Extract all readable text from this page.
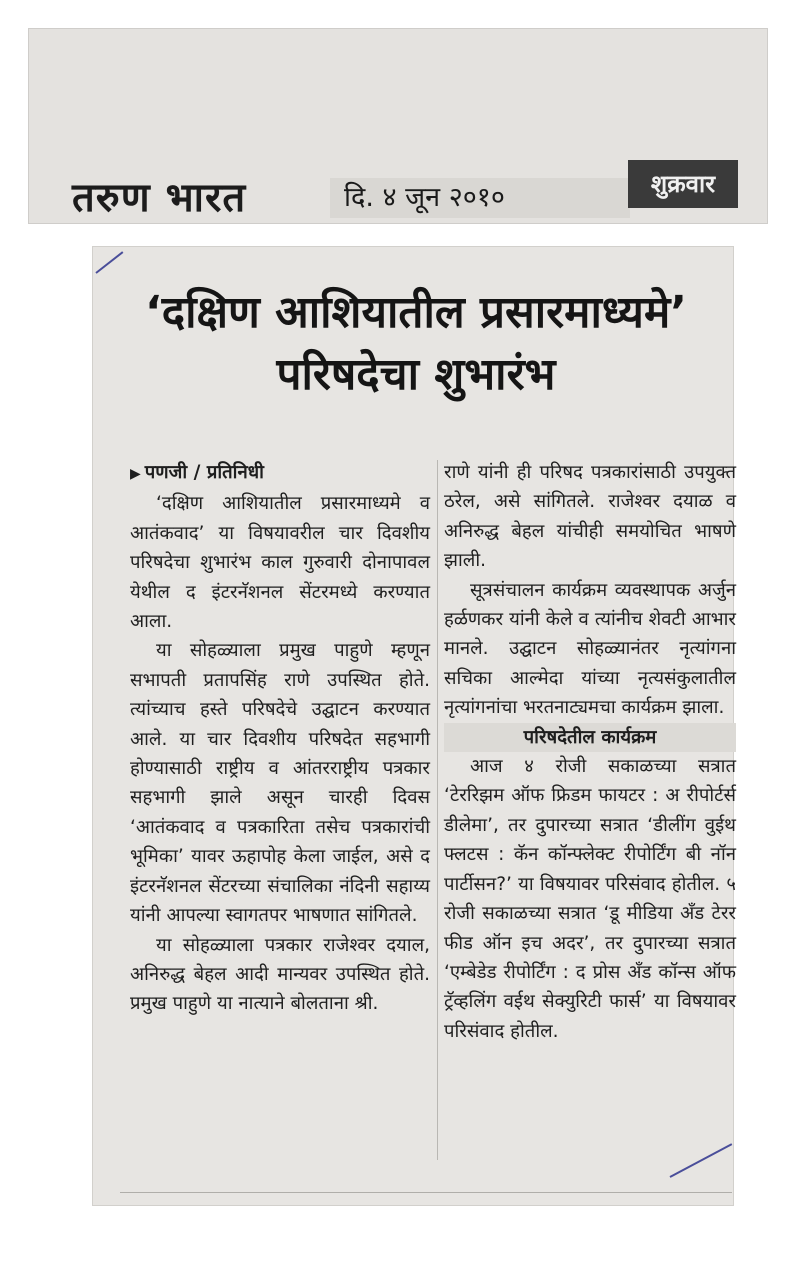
तरुण भारत	दि. ४ जून २०१०	शुक्रवार
‘दक्षिण आशियातील प्रसारमाध्यमे’
परिषदेचा शुभारंभ

▶ पणजी / प्रतिनिधी

‘दक्षिण आशियातील प्रसारमाध्यमे व आतंकवाद’ या विषयावरील चार दिवशीय परिषदेचा शुभारंभ काल गुरुवारी दोनापावल येथील द इंटरनॅशनल सेंटरमध्ये करण्यात आला.

या सोहळ्याला प्रमुख पाहुणे म्हणून सभापती प्रतापसिंह राणे उपस्थित होते. त्यांच्याच हस्ते परिषदेचे उद्घाटन करण्यात आले. या चार दिवशीय परिषदेत सहभागी होण्यासाठी राष्ट्रीय व आंतरराष्ट्रीय पत्रकार सहभागी झाले असून चारही दिवस ‘आतंकवाद व पत्रकारिता तसेच पत्रकारांची भूमिका’ यावर ऊहापोह केला जाईल, असे द इंटरनॅशनल सेंटरच्या संचालिका नंदिनी सहाय्य यांनी आपल्या स्वागतपर भाषणात सांगितले.

या सोहळ्याला पत्रकार राजेश्वर दयाल, अनिरुद्ध बेहल आदी मान्यवर उपस्थित होते. प्रमुख पाहुणे या नात्याने बोलताना श्री.

राणे यांनी ही परिषद पत्रकारांसाठी उपयुक्त ठरेल, असे सांगितले. राजेश्वर दयाळ व अनिरुद्ध बेहल यांचीही समयोचित भाषणे झाली.

सूत्रसंचालन कार्यक्रम व्यवस्थापक अर्जुन हर्ळणकर यांनी केले व त्यांनीच शेवटी आभार मानले. उद्घाटन सोहळ्यानंतर नृत्यांगना सचिका आल्मेदा यांच्या नृत्यसंकुलातील नृत्यांगनांचा भरतनाट्यमचा कार्यक्रम झाला.

परिषदेतील कार्यक्रम

आज ४ रोजी सकाळच्या सत्रात ‘टेररिझम ऑफ फ्रिडम फायटर : अ रीपोर्टर्स डीलेमा’, तर दुपारच्या सत्रात ‘डीलींग वुईथ फ्लटस : कॅन कॉन्फ्लेक्ट रीपोर्टिंग बी नॉन पार्टीसन?’ या विषयावर परिसंवाद होतील. ५ रोजी सकाळच्या सत्रात ‘डू मीडिया अँड टेरर फीड ऑन इच अदर’, तर दुपारच्या सत्रात ‘एम्बेडेड रीपोर्टिंग : द प्रोस अँड कॉन्स ऑफ ट्रॅव्हलिंग वईथ सेक्युरिटी फार्स’ या विषयावर परिसंवाद होतील.
